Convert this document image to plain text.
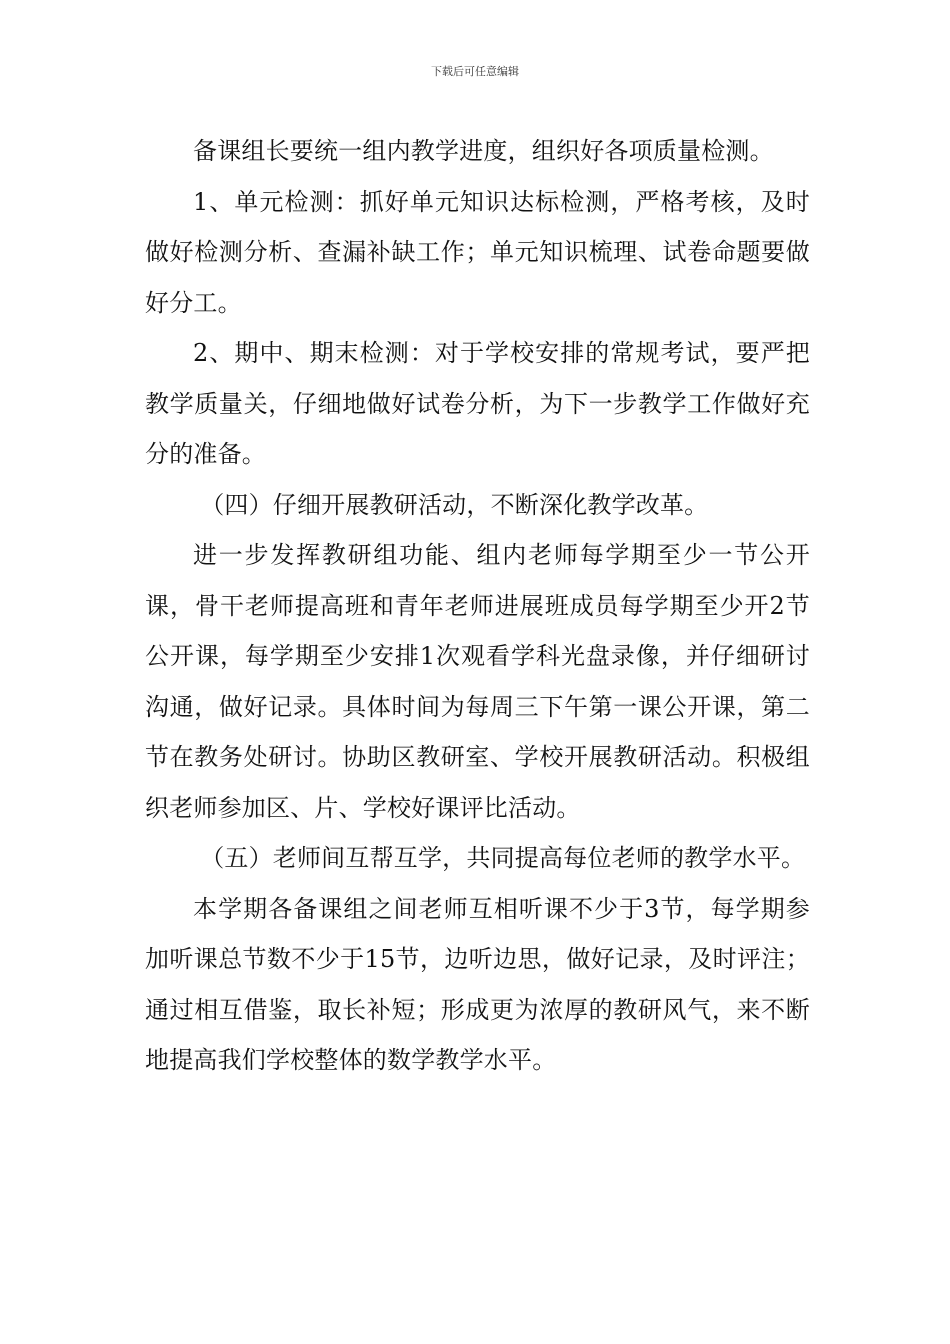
下载后可任意编辑

备课组长要统一组内教学进度，组织好各项质量检测。

1、单元检测：抓好单元知识达标检测，严格考核，及时做好检测分析、查漏补缺工作；单元知识梳理、试卷命题要做好分工。

2、期中、期末检测：对于学校安排的常规考试，要严把教学质量关，仔细地做好试卷分析，为下一步教学工作做好充分的准备。

（四）仔细开展教研活动，不断深化教学改革。

进一步发挥教研组功能、组内老师每学期至少一节公开课，骨干老师提高班和青年老师进展班成员每学期至少开2节公开课，每学期至少安排1次观看学科光盘录像，并仔细研讨沟通，做好记录。具体时间为每周三下午第一课公开课，第二节在教务处研讨。协助区教研室、学校开展教研活动。积极组织老师参加区、片、学校好课评比活动。

（五）老师间互帮互学，共同提高每位老师的教学水平。

本学期各备课组之间老师互相听课不少于3节，每学期参加听课总节数不少于15节，边听边思，做好记录，及时评注；通过相互借鉴，取长补短；形成更为浓厚的教研风气，来不断地提高我们学校整体的数学教学水平。
